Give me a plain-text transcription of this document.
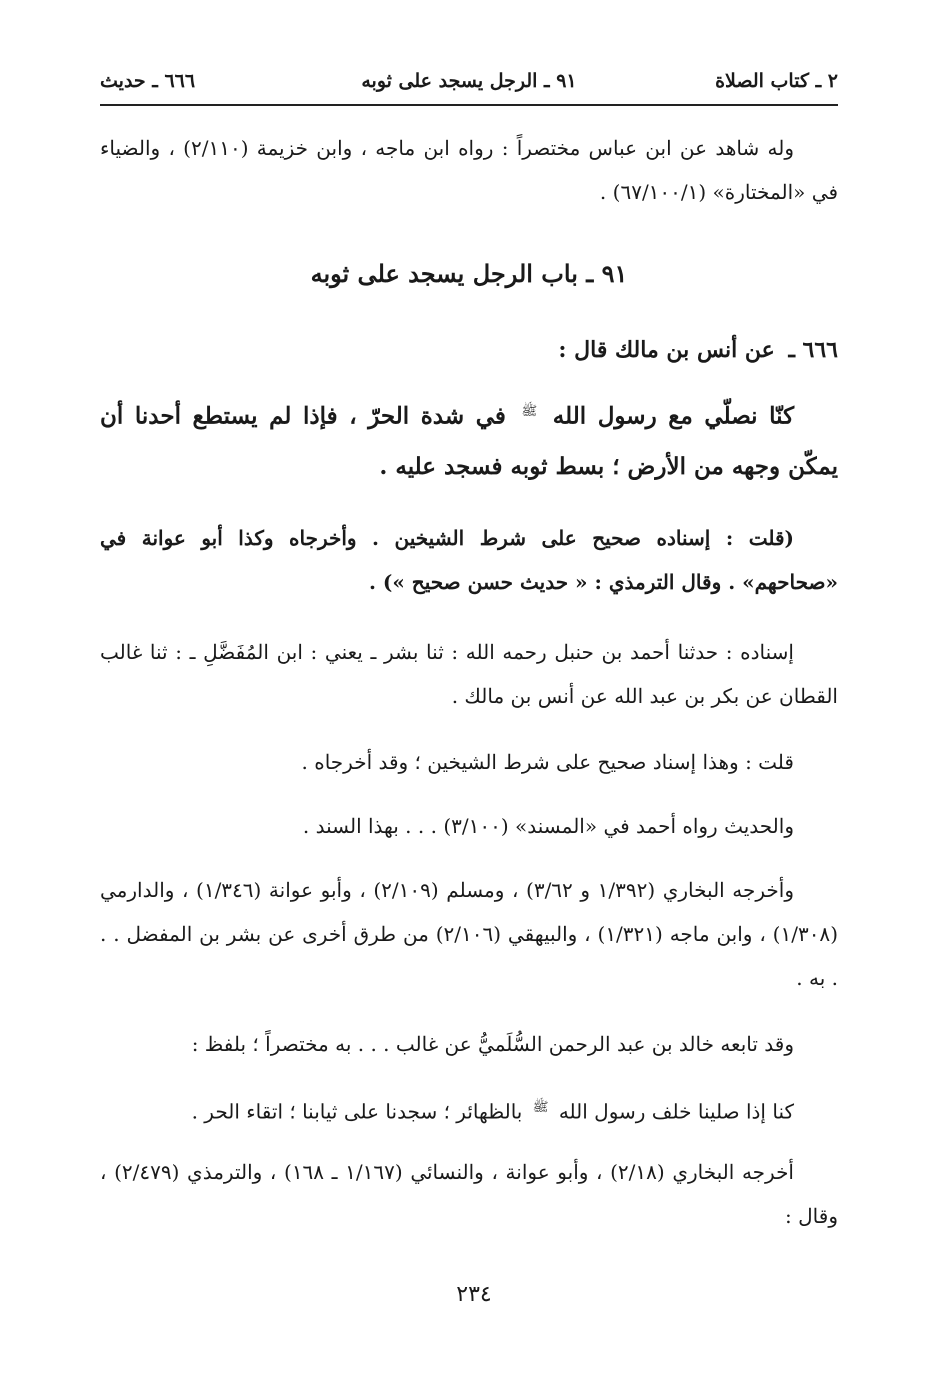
٢ ـ كتاب الصلاة
٩١ ـ الرجل يسجد على ثوبه
٦٦٦ ـ حديث

وله شاهد عن ابن عباس مختصراً : رواه ابن ماجه ، وابن خزيمة (٢/١١٠) ، والضياء في «المختارة» (٦٧/١٠٠/١) .

٩١ ـ باب الرجل يسجد على ثوبه
٦٦٦ ـ عن أنس بن مالك قال :

كنّا نصلّي مع رسول الله $^ﷺ$ في شدة الحرّ ، فإذا لم يستطع أحدنا أن يمكّن وجهه من الأرض ؛ بسط ثوبه فسجد عليه .

(قلت : إسناده صحيح على شرط الشيخين . وأخرجاه وكذا أبو عوانة في «صحاحهم» . وقال الترمذي : « حديث حسن صحيح ») .

إسناده : حدثنا أحمد بن حنبل رحمه الله : ثنا بشر ـ يعني : ابن المُفَضَّلِ ـ : ثنا غالب القطان عن بكر بن عبد الله عن أنس بن مالك .

قلت : وهذا إسناد صحيح على شرط الشيخين ؛ وقد أخرجاه .

والحديث رواه أحمد في «المسند» (٣/١٠٠) . . . بهذا السند .

وأخرجه البخاري (١/٣٩٢ و ٣/٦٢) ، ومسلم (٢/١٠٩) ، وأبو عوانة (١/٣٤٦) ، والدارمي (١/٣٠٨) ، وابن ماجه (١/٣٢١) ، والبيهقي (٢/١٠٦) من طرق أخرى عن بشر بن المفضل . . . به .

وقد تابعه خالد بن عبد الرحمن السُّلَميُّ عن غالب . . . به مختصراً ؛ بلفظ :

كنا إذا صلينا خلف رسول الله $^ﷺ$ بالظهائر ؛ سجدنا على ثيابنا ؛ اتقاء الحر .

أخرجه البخاري (٢/١٨) ، وأبو عوانة ، والنسائي (١/١٦٧ ـ ١٦٨) ، والترمذي (٢/٤٧٩) ، وقال :

٢٣٤
